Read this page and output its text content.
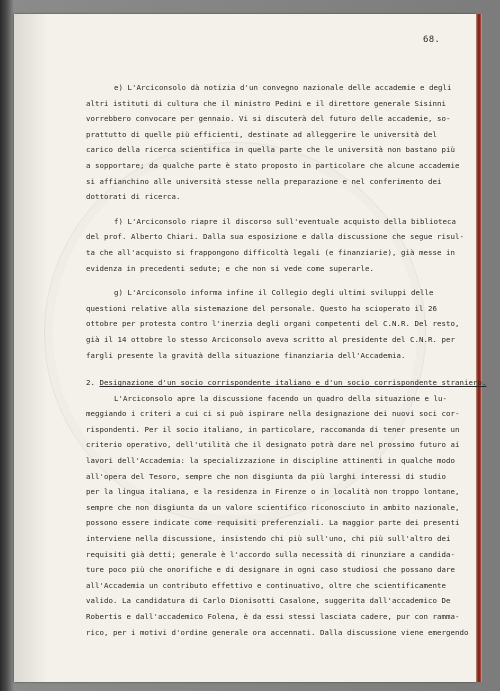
68.
e) L'Arciconsolo dà notizia d'un convegno nazionale delle accademie e degli
altri istituti di cultura che il ministro Pedini e il direttore generale Sisinni
vorrebbero convocare per gennaio. Vi si discuterà del futuro delle accademie, so-
prattutto di quelle più efficienti, destinate ad alleggerire le università del
carico della ricerca scientifica in quella parte che le università non bastano più
a sopportare; da qualche parte è stato proposto in particolare che alcune accademie
si affianchino alle università stesse nella preparazione e nel conferimento dei
dottorati di ricerca.
f) L'Arciconsolo riapre il discorso sull'eventuale acquisto della biblioteca
del prof. Alberto Chiari. Dalla sua esposizione e dalla discussione che segue risul-
ta che all'acquisto si frappongono difficoltà legali (e finanziarie), già messe in
evidenza in precedenti sedute; e che non si vede come superarle.
g) L'Arciconsolo informa infine il Collegio degli ultimi sviluppi delle
questioni relative alla sistemazione del personale. Questo ha scioperato il 26
ottobre per protesta contro l'inerzia degli organi competenti del C.N.R. Del resto,
già il 14 ottobre lo stesso Arciconsolo aveva scritto al presidente del C.N.R. per
fargli presente la gravità della situazione finanziaria dell'Accademia.
2. Designazione d'un socio corrispondente italiano e d'un socio corrispondente straniero.
L'Arciconsolo apre la discussione facendo un quadro della situazione e lu-
meggiando i criteri a cui ci si può ispirare nella designazione dei nuovi soci cor-
rispondenti. Per il socio italiano, in particolare, raccomanda di tener presente un
criterio operativo, dell'utilità che il designato potrà dare nel prossimo futuro ai
lavori dell'Accademia: la specializzazione in discipline attinenti in qualche modo
all'opera del Tesoro, sempre che non disgiunta da più larghi interessi di studio
per la lingua italiana, e la residenza in Firenze o in località non troppo lontane,
sempre che non disgiunta da un valore scientifico riconosciuto in ambito nazionale,
possono essere indicate come requisiti preferenziali. La maggior parte dei presenti
interviene nella discussione, insistendo chi più sull'uno, chi più sull'altro dei
requisiti già detti; generale è l'accordo sulla necessità di rinunziare a candida-
ture poco più che onorifiche e di designare in ogni caso studiosi che possano dare
all'Accademia un contributo effettivo e continuativo, oltre che scientificamente
valido. La candidatura di Carlo Dionisotti Casalone, suggerita dall'accademico De
Robertis e dall'accademico Folena, è da essi stessi lasciata cadere, pur con ramma-
rico, per i motivi d'ordine generale ora accennati. Dalla discussione viene emergendo
